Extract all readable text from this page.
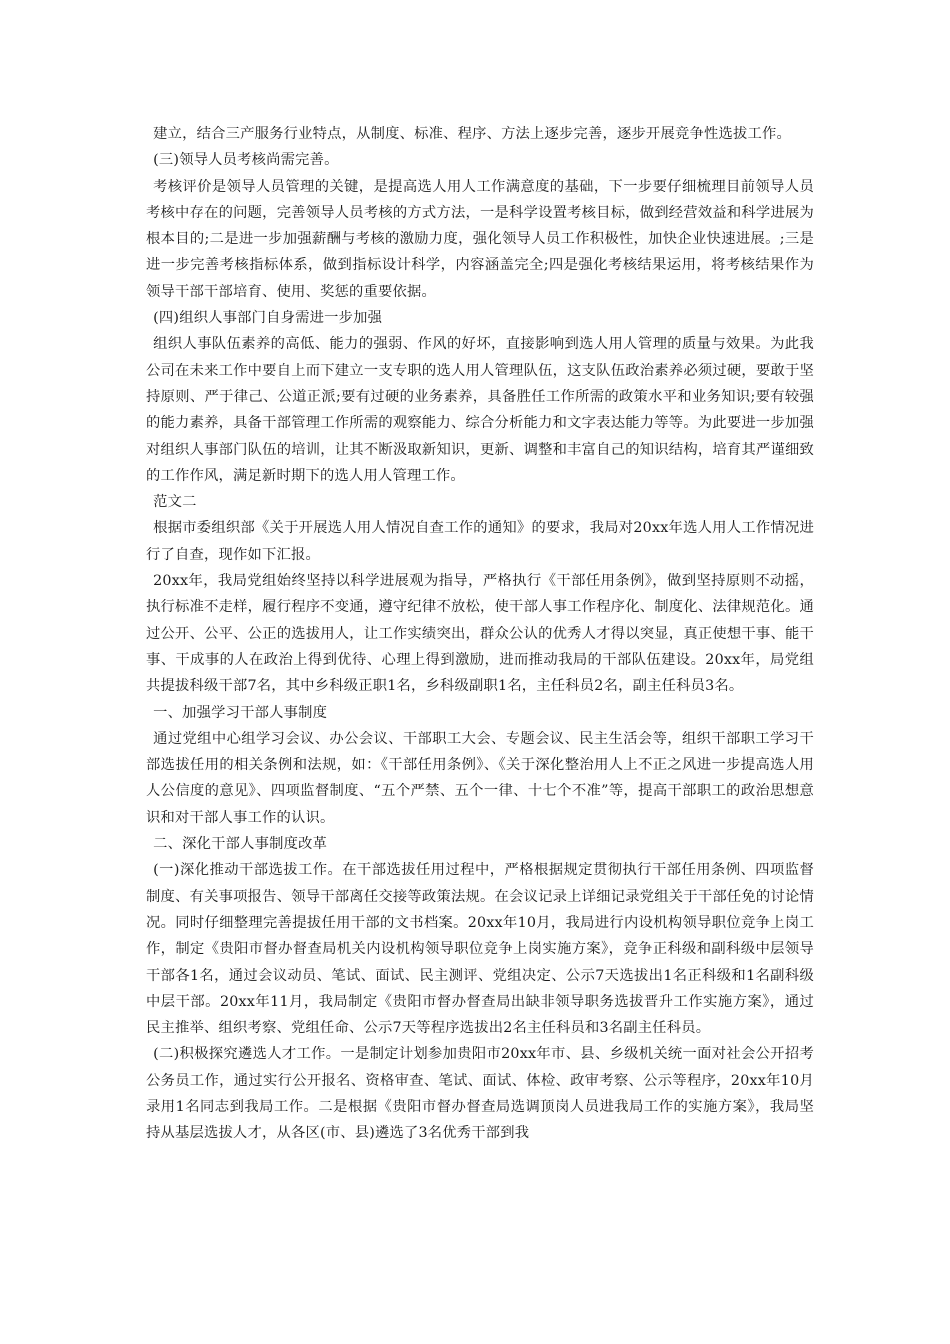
建立，结合三产服务行业特点，从制度、标准、程序、方法上逐步完善，逐步开展竞争性选拔工作。

(三)领导人员考核尚需完善。

考核评价是领导人员管理的关键，是提高选人用人工作满意度的基础，下一步要仔细梳理目前领导人员考核中存在的问题，完善领导人员考核的方式方法，一是科学设置考核目标，做到经营效益和科学进展为根本目的;二是进一步加强薪酬与考核的激励力度，强化领导人员工作积极性，加快企业快速进展。;三是进一步完善考核指标体系，做到指标设计科学，内容涵盖完全;四是强化考核结果运用，将考核结果作为领导干部干部培育、使用、奖惩的重要依据。

(四)组织人事部门自身需进一步加强

组织人事队伍素养的高低、能力的强弱、作风的好坏，直接影响到选人用人管理的质量与效果。为此我公司在未来工作中要自上而下建立一支专职的选人用人管理队伍，这支队伍政治素养必须过硬，要敢于坚持原则、严于律己、公道正派;要有过硬的业务素养，具备胜任工作所需的政策水平和业务知识;要有较强的能力素养，具备干部管理工作所需的观察能力、综合分析能力和文字表达能力等等。为此要进一步加强对组织人事部门队伍的培训，让其不断汲取新知识，更新、调整和丰富自己的知识结构，培育其严谨细致的工作作风，满足新时期下的选人用人管理工作。

范文二

根据市委组织部《关于开展选人用人情况自查工作的通知》的要求，我局对20xx年选人用人工作情况进行了自查，现作如下汇报。

20xx年，我局党组始终坚持以科学进展观为指导，严格执行《干部任用条例》，做到坚持原则不动摇，执行标准不走样，履行程序不变通，遵守纪律不放松，使干部人事工作程序化、制度化、法律规范化。通过公开、公平、公正的选拔用人，让工作实绩突出，群众公认的优秀人才得以突显，真正使想干事、能干事、干成事的人在政治上得到优待、心理上得到激励，进而推动我局的干部队伍建设。20xx年，局党组共提拔科级干部7名，其中乡科级正职1名，乡科级副职1名，主任科员2名，副主任科员3名。

一、加强学习干部人事制度

通过党组中心组学习会议、办公会议、干部职工大会、专题会议、民主生活会等，组织干部职工学习干部选拔任用的相关条例和法规，如：《干部任用条例》、《关于深化整治用人上不正之风进一步提高选人用人公信度的意见》、四项监督制度、“五个严禁、五个一律、十七个不准”等，提高干部职工的政治思想意识和对干部人事工作的认识。

二、深化干部人事制度改革

(一)深化推动干部选拔工作。在干部选拔任用过程中，严格根据规定贯彻执行干部任用条例、四项监督制度、有关事项报告、领导干部离任交接等政策法规。在会议记录上详细记录党组关于干部任免的讨论情况。同时仔细整理完善提拔任用干部的文书档案。20xx年10月，我局进行内设机构领导职位竞争上岗工作，制定《贵阳市督办督查局机关内设机构领导职位竞争上岗实施方案》，竞争正科级和副科级中层领导干部各1名，通过会议动员、笔试、面试、民主测评、党组决定、公示7天选拔出1名正科级和1名副科级中层干部。20xx年11月，我局制定《贵阳市督办督查局出缺非领导职务选拔晋升工作实施方案》，通过民主推举、组织考察、党组任命、公示7天等程序选拔出2名主任科员和3名副主任科员。

(二)积极探究遴选人才工作。一是制定计划参加贵阳市20xx年市、县、乡级机关统一面对社会公开招考公务员工作，通过实行公开报名、资格审查、笔试、面试、体检、政审考察、公示等程序，20xx年10月录用1名同志到我局工作。二是根据《贵阳市督办督查局选调顶岗人员进我局工作的实施方案》，我局坚持从基层选拔人才，从各区(市、县)遴选了3名优秀干部到我
